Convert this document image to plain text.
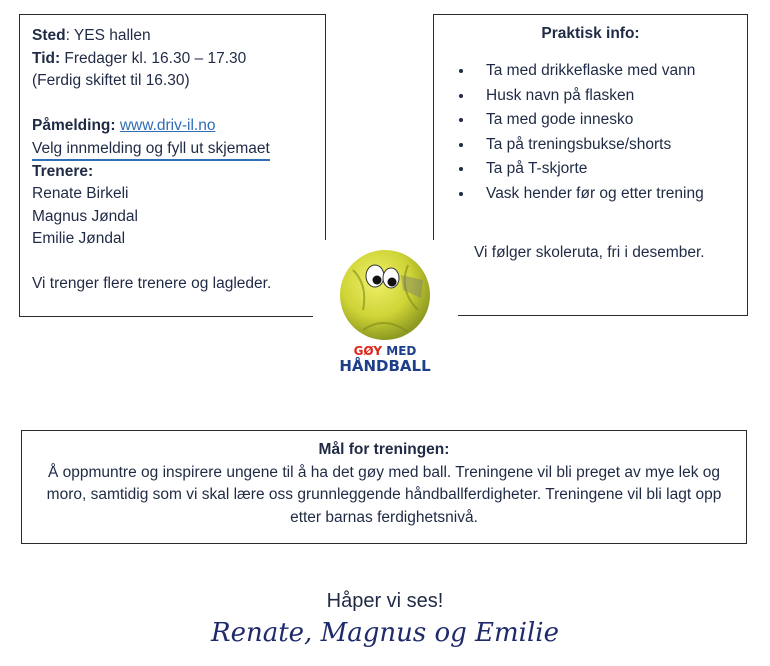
Sted: YES hallen
Tid: Fredager kl. 16.30 – 17.30
(Ferdig skiftet til 16.30)
Påmelding: www.driv-il.no
Velg innmelding og fyll ut skjemaet
Trenere:
Renate Birkeli
Magnus Jøndal
Emilie Jøndal
Vi trenger flere trenere og lagleder.
Praktisk info:
• Ta med drikkeflaske med vann
• Husk navn på flasken
• Ta med gode innesko
• Ta på treningsbukse/shorts
• Ta på T-skjorte
• Vask hender før og etter trening
Vi følger skoleruta, fri i desember.
GØY MED
HÅNDBALL
Mål for treningen:
Å oppmuntre og inspirere ungene til å ha det gøy med ball. Treningene vil bli preget av mye lek og moro, samtidig som vi skal lære oss grunnleggende håndballferdigheter. Treningene vil bli lagt opp etter barnas ferdighetsnivå.
Håper vi ses!
Renate, Magnus og Emilie
